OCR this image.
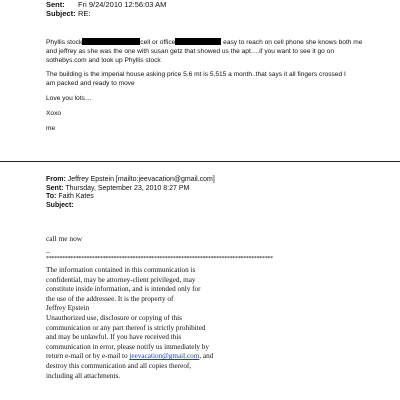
Sent: Fri 9/24/2010 12:56:03 AM
Subject: RE:

Phyllis stock	cell or office	easy to reach on cell phone she knows both me
and jeffrey as she was the one with susan getz that showed us the apt….if you want to see it go on
sothebys.com and look up Phyllis stock

The building is the imperial house asking price 5.6 mt is 5,515 a month..that says it all fingers crossed I
am packed and ready to move

Love you lots…

Xoxo

me

From: Jeffrey Epstein [mailto:jeevacation@gmail.com]
Sent: Thursday, September 23, 2010 8:27 PM
To: Faith Kates
Subject:
call me now
--
************************************************************************************
The information contained in this communication is
confidential, may be attorney-client privileged, may
constitute inside information, and is intended only for
the use of the addressee. It is the property of
Jeffrey Epstein
Unauthorized use, disclosure or copying of this
communication or any part thereof is strictly prohibited
and may be unlawful. If you have received this
communication in error, please notify us immediately by
return e-mail or by e-mail to jeevacation@gmail.com, and
destroy this communication and all copies thereof,
including all attachments.
